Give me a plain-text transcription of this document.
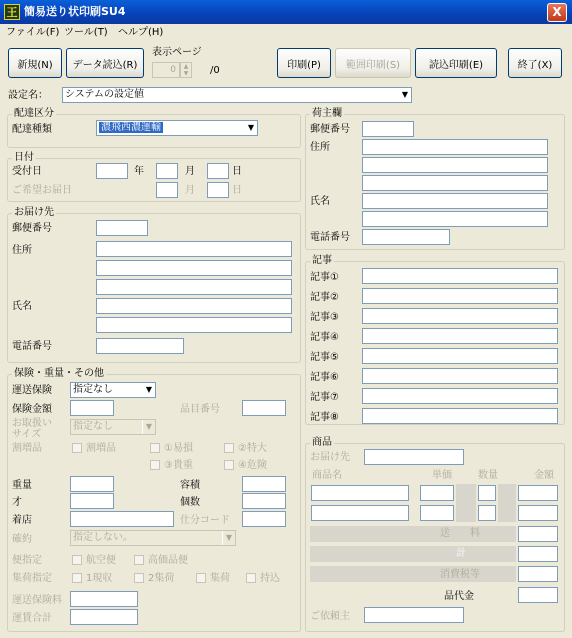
王 簡易送り状印刷SU4	X
ファイル(F) ツール(T) ヘルプ(H)
新規(N)	データ読込(R)
表示ページ
0	▲
▼	/0	印刷(P)	範囲印刷(S)	読込印刷(E)	終了(X)
設定名：	システムの設定値	▼
配達区分
配達種類	濃飛西濃運輸	▼
日付
受付日	年	月	日
ご希望お届日	月	日
お届け先
郵便番号
住所
氏名
電話番号
荷主欄
郵便番号
住所
氏名
電話番号
記事
記事①
記事②
記事③
記事④
記事⑤
記事⑥
記事⑦
記事⑧
保険・重量・その他
運送保険	指定なし	▼
保険金額	品目番号
お取扱い
サイズ
指定なし	▼
割増品	割増品	①易損	②特大
③貴重	④危険
重量	容積
才	個数
着店	仕分コード
確約	指定しない。	▼
便指定	航空便	高価品便
集荷指定	1現収	2集荷	集荷	持込
運送保険料
運賃合計
商品
お届け先
商品名	単価	数量	金額
送　　料
計
消費税等
品代金
ご依頼主
